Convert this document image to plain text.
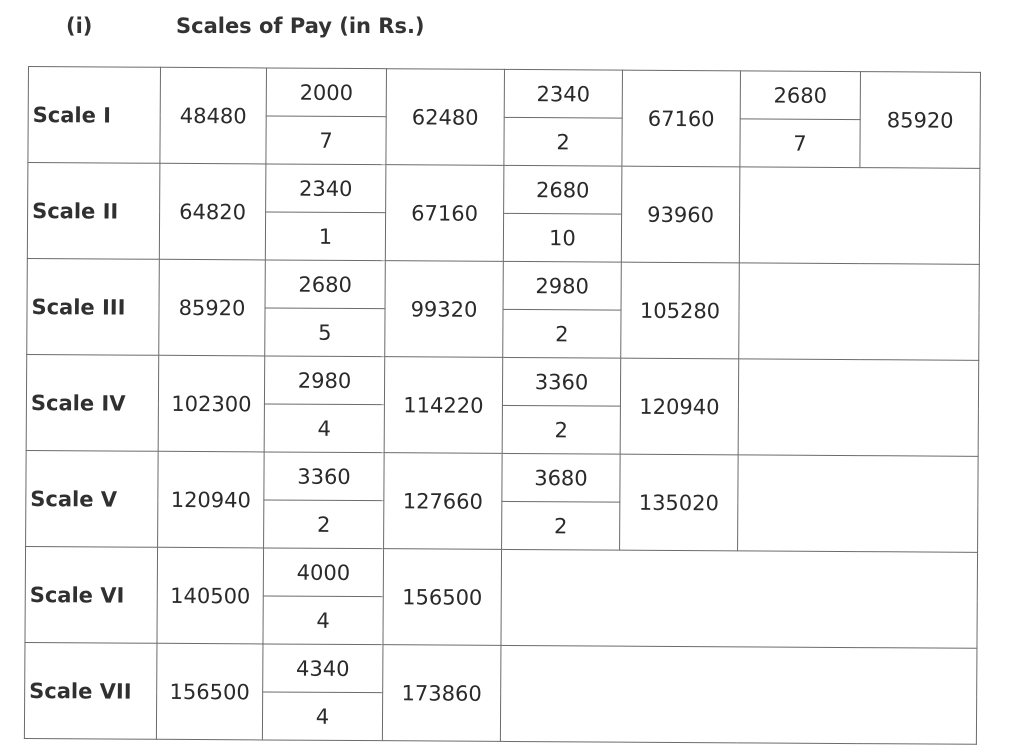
(i)	Scales of Pay (in Rs.)
Scale I	48480	2000	62480	2340	67160	2680	85920
		7		2		7	
Scale II	64820	2340	67160	2680	93960		
		1		10			
Scale III	85920	2680	99320	2980	105280		
		5		2			
Scale IV	102300	2980	114220	3360	120940		
		4		2			
Scale V	120940	3360	127660	3680	135020		
		2		2			
Scale VI	140500	4000	156500				
		4					
Scale VII	156500	4340	173860				
		4					
